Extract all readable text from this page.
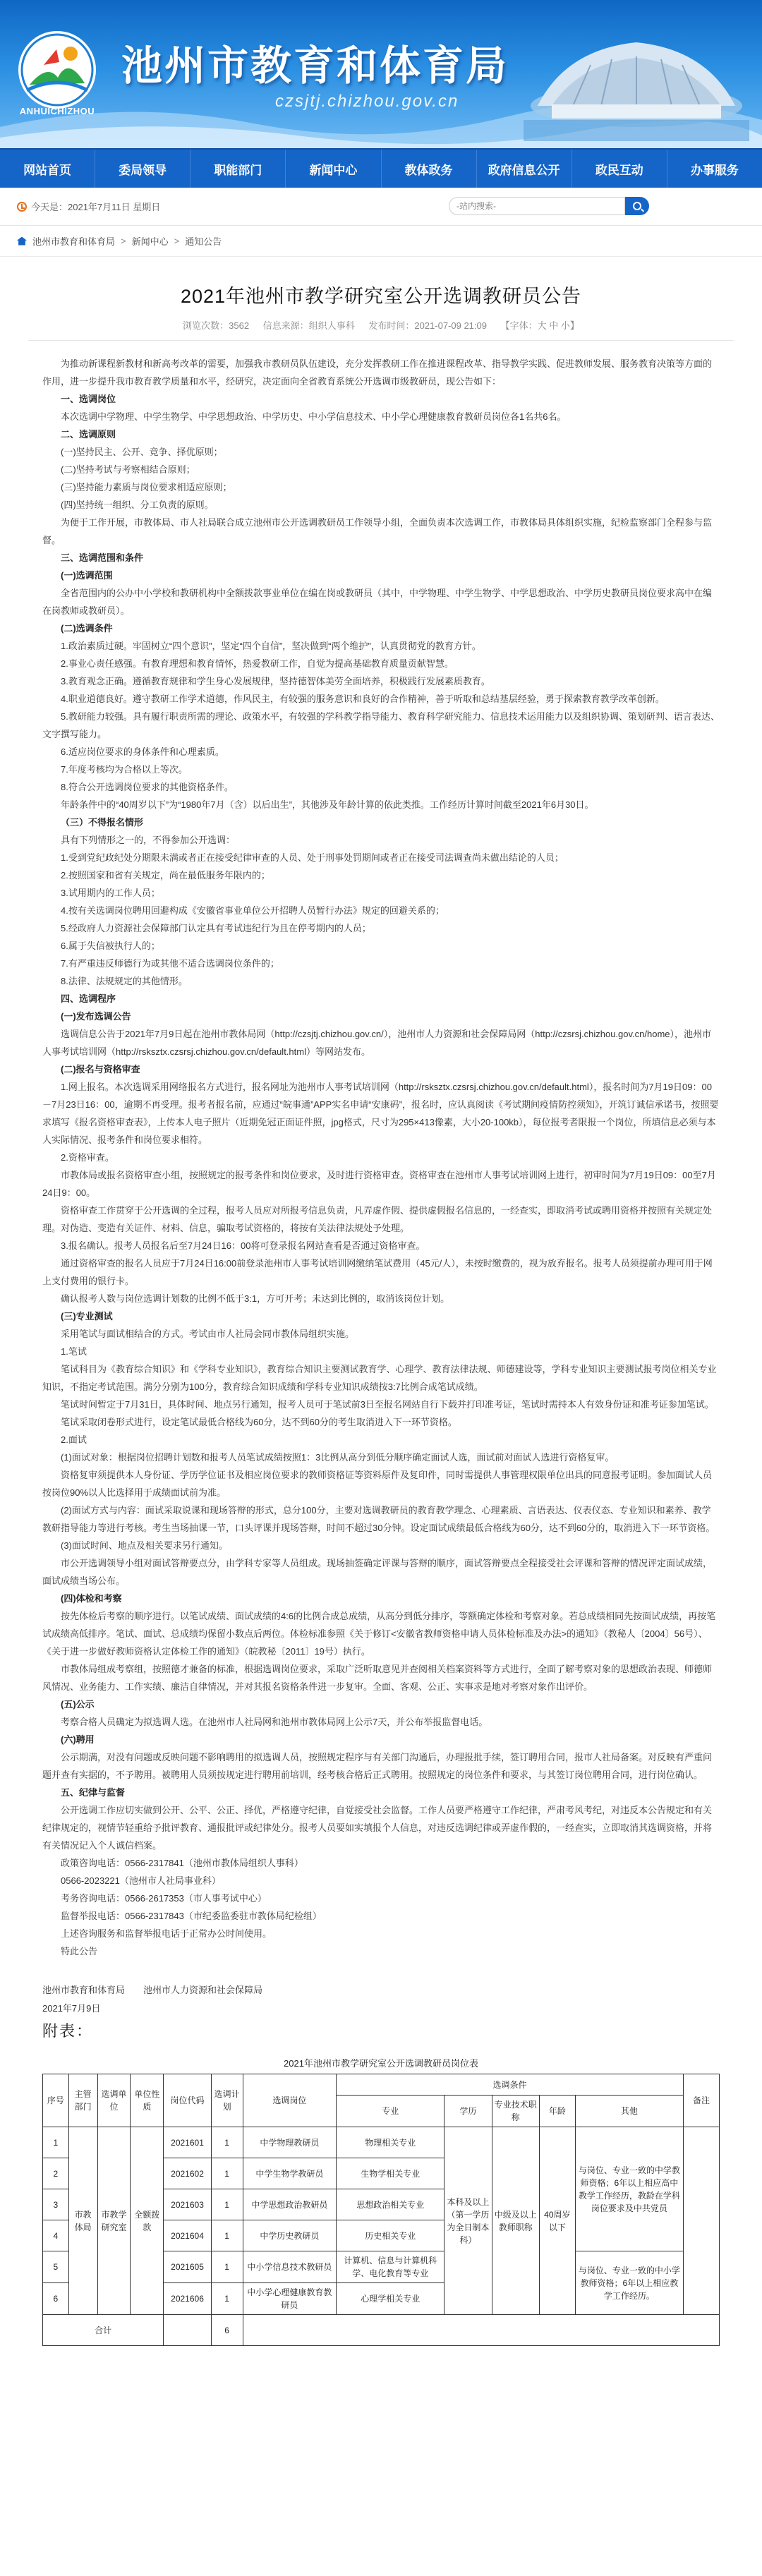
ANHUICHIZHOU
池州市教育和体育局
czsjtj.chizhou.gov.cn
网站首页	委局领导	职能部门	新闻中心	教体政务	政府信息公开	政民互动	办事服务
今天是：2021年7月11日 星期日
-站内搜索-
池州市教育和体育局 > 新闻中心 > 通知公告
2021年池州市教学研究室公开选调教研员公告
浏览次数：3562 信息来源：组织人事科 发布时间：2021-07-09 21:09 【字体：大 中 小】

为推动新课程新教材和新高考改革的需要，加强我市教研员队伍建设，充分发挥教研工作在推进课程改革、指导教学实践、促进教师发展、服务教育决策等方面的作用，进一步提升我市教育教学质量和水平，经研究，决定面向全省教育系统公开选调市级教研员，现公告如下：

一、选调岗位

本次选调中学物理、中学生物学、中学思想政治、中学历史、中小学信息技术、中小学心理健康教育教研员岗位各1名共6名。

二、选调原则

(一)坚持民主、公开、竞争、择优原则；

(二)坚持考试与考察相结合原则；

(三)坚持能力素质与岗位要求相适应原则；

(四)坚持统一组织、分工负责的原则。

为便于工作开展，市教体局、市人社局联合成立池州市公开选调教研员工作领导小组，全面负责本次选调工作，市教体局具体组织实施，纪检监察部门全程参与监督。

三、选调范围和条件

(一)选调范围

全省范围内的公办中小学校和教研机构中全额拨款事业单位在编在岗或教研员（其中，中学物理、中学生物学、中学思想政治、中学历史教研员岗位要求高中在编在岗教师或教研员）。

(二)选调条件

1.政治素质过硬。牢固树立“四个意识”，坚定“四个自信”，坚决做到“两个维护”，认真贯彻党的教育方针。

2.事业心责任感强。有教育理想和教育情怀，热爱教研工作，自觉为提高基础教育质量贡献智慧。

3.教育观念正确。遵循教育规律和学生身心发展规律，坚持德智体美劳全面培养，积极践行发展素质教育。

4.职业道德良好。遵守教研工作学术道德，作风民主，有较强的服务意识和良好的合作精神，善于听取和总结基层经验，勇于探索教育教学改革创新。

5.教研能力较强。具有履行职责所需的理论、政策水平，有较强的学科教学指导能力、教育科学研究能力、信息技术运用能力以及组织协调、策划研判、语言表达、文字撰写能力。

6.适应岗位要求的身体条件和心理素质。

7.年度考核均为合格以上等次。

8.符合公开选调岗位要求的其他资格条件。

年龄条件中的“40周岁以下”为“1980年7月（含）以后出生”，其他涉及年龄计算的依此类推。工作经历计算时间截至2021年6月30日。

（三）不得报名情形

具有下列情形之一的，不得参加公开选调：

1.受到党纪政纪处分期限未满或者正在接受纪律审查的人员、处于刑事处罚期间或者正在接受司法调查尚未做出结论的人员；

2.按照国家和省有关规定，尚在最低服务年限内的；

3.试用期内的工作人员；

4.按有关选调岗位聘用回避构成《安徽省事业单位公开招聘人员暂行办法》规定的回避关系的；

5.经政府人力资源社会保障部门认定具有考试违纪行为且在停考期内的人员；

6.属于失信被执行人的；

7.有严重违反师德行为或其他不适合选调岗位条件的；

8.法律、法规规定的其他情形。

四、选调程序

(一)发布选调公告

选调信息公告于2021年7月9日起在池州市教体局网（http://czsjtj.chizhou.gov.cn/），池州市人力资源和社会保障局网（http://czsrsj.chizhou.gov.cn/home），池州市人事考试培训网（http://rsksztx.czsrsj.chizhou.gov.cn/default.html）等网站发布。

(二)报名与资格审查

1.网上报名。本次选调采用网络报名方式进行，报名网址为池州市人事考试培训网（http://rsksztx.czsrsj.chizhou.gov.cn/default.html），报名时间为7月19日09：00－7月23日16：00，逾期不再受理。报考者报名前，应通过“皖事通”APP实名申请“安康码”，报名时，应认真阅读《考试期间疫情防控须知》，开筑订诚信承诺书，按照要求填写《报名资格审查表》，上传本人电子照片（近期免冠正面证件照，jpg格式，尺寸为295×413像素，大小20-100kb），每位报考者限报一个岗位，所填信息必须与本人实际情况、报考条件和岗位要求相符。

2.资格审查。

市教体局或报名资格审查小组，按照规定的报考条件和岗位要求，及时进行资格审查。资格审查在池州市人事考试培训网上进行，初审时间为7月19日09：00至7月24日9：00。

资格审查工作贯穿于公开选调的全过程，报考人员应对所报考信息负责，凡弄虚作假、提供虚假报名信息的，一经查实，即取消考试或聘用资格并按照有关规定处理。对伪造、变造有关证件、材料、信息，骗取考试资格的，将按有关法律法规处予处理。

3.报名确认。报考人员报名后至7月24日16：00将可登录报名网站查看是否通过资格审查。

通过资格审查的报名人员应于7月24日16:00前登录池州市人事考试培训网缴纳笔试费用（45元/人），未按时缴费的，视为放弃报名。报考人员须提前办理可用于网上支付费用的银行卡。

确认报考人数与岗位选调计划数的比例不低于3:1，方可开考；未达到比例的，取消该岗位计划。

(三)专业测试

采用笔试与面试相结合的方式。考试由市人社局会同市教体局组织实施。

1.笔试

笔试科目为《教育综合知识》和《学科专业知识》，教育综合知识主要测试教育学、心理学、教育法律法规、师德建设等，学科专业知识主要测试报考岗位相关专业知识，不指定考试范围。满分分别为100分，教育综合知识成绩和学科专业知识成绩按3:7比例合成笔试成绩。

笔试时间暂定于7月31日，具体时间、地点另行通知，报考人员可于笔试前3日至报名网站自行下载并打印准考证，笔试时需持本人有效身份证和准考证参加笔试。

笔试采取闭卷形式进行，设定笔试最低合格线为60分，达不到60分的考生取消进入下一环节资格。

2.面试

(1)面试对象：根据岗位招聘计划数和报考人员笔试成绩按照1：3比例从高分到低分顺序确定面试人选，面试前对面试人选进行资格复审。

资格复审须提供本人身份证、学历学位证书及相应岗位要求的教师资格证等资料原件及复印件，同时需提供人事管理权限单位出具的同意报考证明。参加面试人员按岗位90%以人比选择用于成绩面试前为准。

(2)面试方式与内容：面试采取说课和现场答辩的形式，总分100分，主要对选调教研员的教育教学理念、心理素质、言语表达、仪表仪态、专业知识和素养、教学教研指导能力等进行考核。考生当场抽课一节，口头评课并现场答辩，时间不超过30分钟。设定面试成绩最低合格线为60分，达不到60分的，取消进入下一环节资格。

(3)面试时间、地点及相关要求另行通知。

市公开选调领导小组对面试答辩要点分，由学科专家等人员组成。现场抽签确定评课与答辩的顺序，面试答辩要点全程接受社会评课和答辩的情况评定面试成绩，面试成绩当场公布。

(四)体检和考察

按先体检后考察的顺序进行。以笔试成绩、面试成绩的4:6的比例合成总成绩，从高分到低分排序，等额确定体检和考察对象。若总成绩相同先按面试成绩，再按笔试成绩高低排序。笔试、面试、总成绩均保留小数点后两位。体检标准参照《关于修订<安徽省教师资格申请人员体检标准及办法>的通知》（教秘人〔2004〕56号）、《关于进一步做好教师资格认定体检工作的通知》（皖教秘〔2011〕19号）执行。

市教体局组成考察组，按照德才兼备的标准，根据选调岗位要求，采取广泛听取意见并查阅相关档案资料等方式进行，全面了解考察对象的思想政治表现、师德师风情况、业务能力、工作实绩、廉洁自律情况，并对其报名资格条件进一步复审。全面、客观、公正、实事求是地对考察对象作出评价。

(五)公示

考察合格人员确定为拟选调人选。在池州市人社局网和池州市教体局网上公示7天，并公布举报监督电话。

(六)聘用

公示期满，对没有问题或反映问题不影响聘用的拟选调人员，按照规定程序与有关部门沟通后，办理报批手续，签订聘用合同，报市人社局备案。对反映有严重问题并查有实据的，不予聘用。被聘用人员须按规定进行聘用前培训，经考核合格后正式聘用。按照规定的岗位条件和要求，与其签订岗位聘用合同，进行岗位确认。

五、纪律与监督

公开选调工作应切实做到公开、公平、公正、择优，严格遵守纪律，自觉接受社会监督。工作人员要严格遵守工作纪律，严肃考风考纪，对违反本公告规定和有关纪律规定的，视情节轻重给予批评教育、通报批评或纪律处分。报考人员要如实填报个人信息，对违反选调纪律或弄虚作假的，一经查实，立即取消其选调资格，并将有关情况记入个人诚信档案。

政策咨询电话：0566-2317841（池州市教体局组织人事科）

0566-2023221（池州市人社局事业科）

考务咨询电话：0566-2617353（市人事考试中心）

监督举报电话：0566-2317843（市纪委监委驻市教体局纪检组）

上述咨询服务和监督举报电话于正常办公时间使用。

特此公告

池州市教育和体育局　　池州市人力资源和社会保障局
2021年7月9日
附表：
2021年池州市教学研究室公开选调教研员岗位表
序号	主管部门	选调单位	单位性质	岗位代码	选调计划	选调岗位	选调条件					备注
							专业	学历	专业技术职称	年龄	其他	
1	市教体局	市教学研究室	全额拨款	2021601	1	中学物理教研员	物理相关专业	本科及以上（第一学历为全日制本科）	中级及以上教师职称	40周岁以下	与岗位、专业一致的中学教师资格；6年以上相应高中教学工作经历，教龄在学科岗位要求及中共党员	
2				2021602	1	中学生物学教研员	生物学相关专业					
3				2021603	1	中学思想政治教研员	思想政治相关专业					
4				2021604	1	中学历史教研员	历史相关专业					
5				2021605	1	中小学信息技术教研员	计算机、信息与计算机科学、电化教育等专业				与岗位、专业一致的中小学教师资格；6年以上相应教学工作经历。	
6				2021606	1	中小学心理健康教育教研员	心理学相关专业					
合计					6							
